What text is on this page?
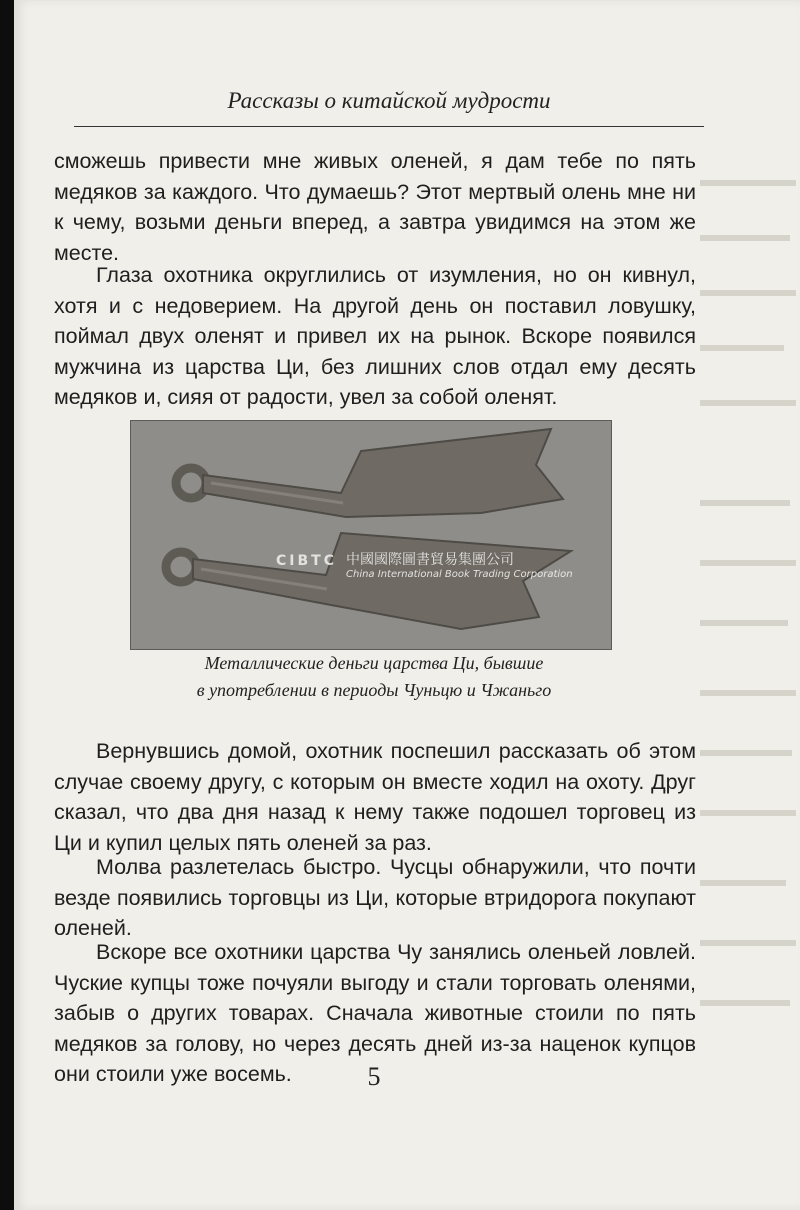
Рассказы о китайской мудрости

сможешь привести мне живых оленей, я дам тебе по пять медяков за каждого. Что думаешь? Этот мертвый олень мне ни к чему, возьми деньги вперед, а завтра увидимся на этом же месте.

Глаза охотника округлились от изумления, но он кивнул, хотя и с недоверием. На другой день он поставил ловушку, поймал двух оленят и привел их на рынок. Вскоре появился мужчина из царства Ци, без лишних слов отдал ему десять медяков и, сияя от радости, увел за собой оленят.

CIBTC 中國國際圖書貿易集團公司
China International Book Trading Corporation
Металлические деньги царства Ци, бывшие
в употреблении в периоды Чуньцю и Чжаньго

Вернувшись домой, охотник поспешил рассказать об этом случае своему другу, с которым он вместе ходил на охоту. Друг сказал, что два дня назад к нему также подошел торговец из Ци и купил целых пять оленей за раз.

Молва разлетелась быстро. Чусцы обнаружили, что почти везде появились торговцы из Ци, которые втридорога покупают оленей.

Вскоре все охотники царства Чу занялись оленьей ловлей. Чуские купцы тоже почуяли выгоду и стали торговать оленями, забыв о других товарах. Сначала животные стоили по пять медяков за голову, но через десять дней из-за наценок купцов они стоили уже восемь.	5
